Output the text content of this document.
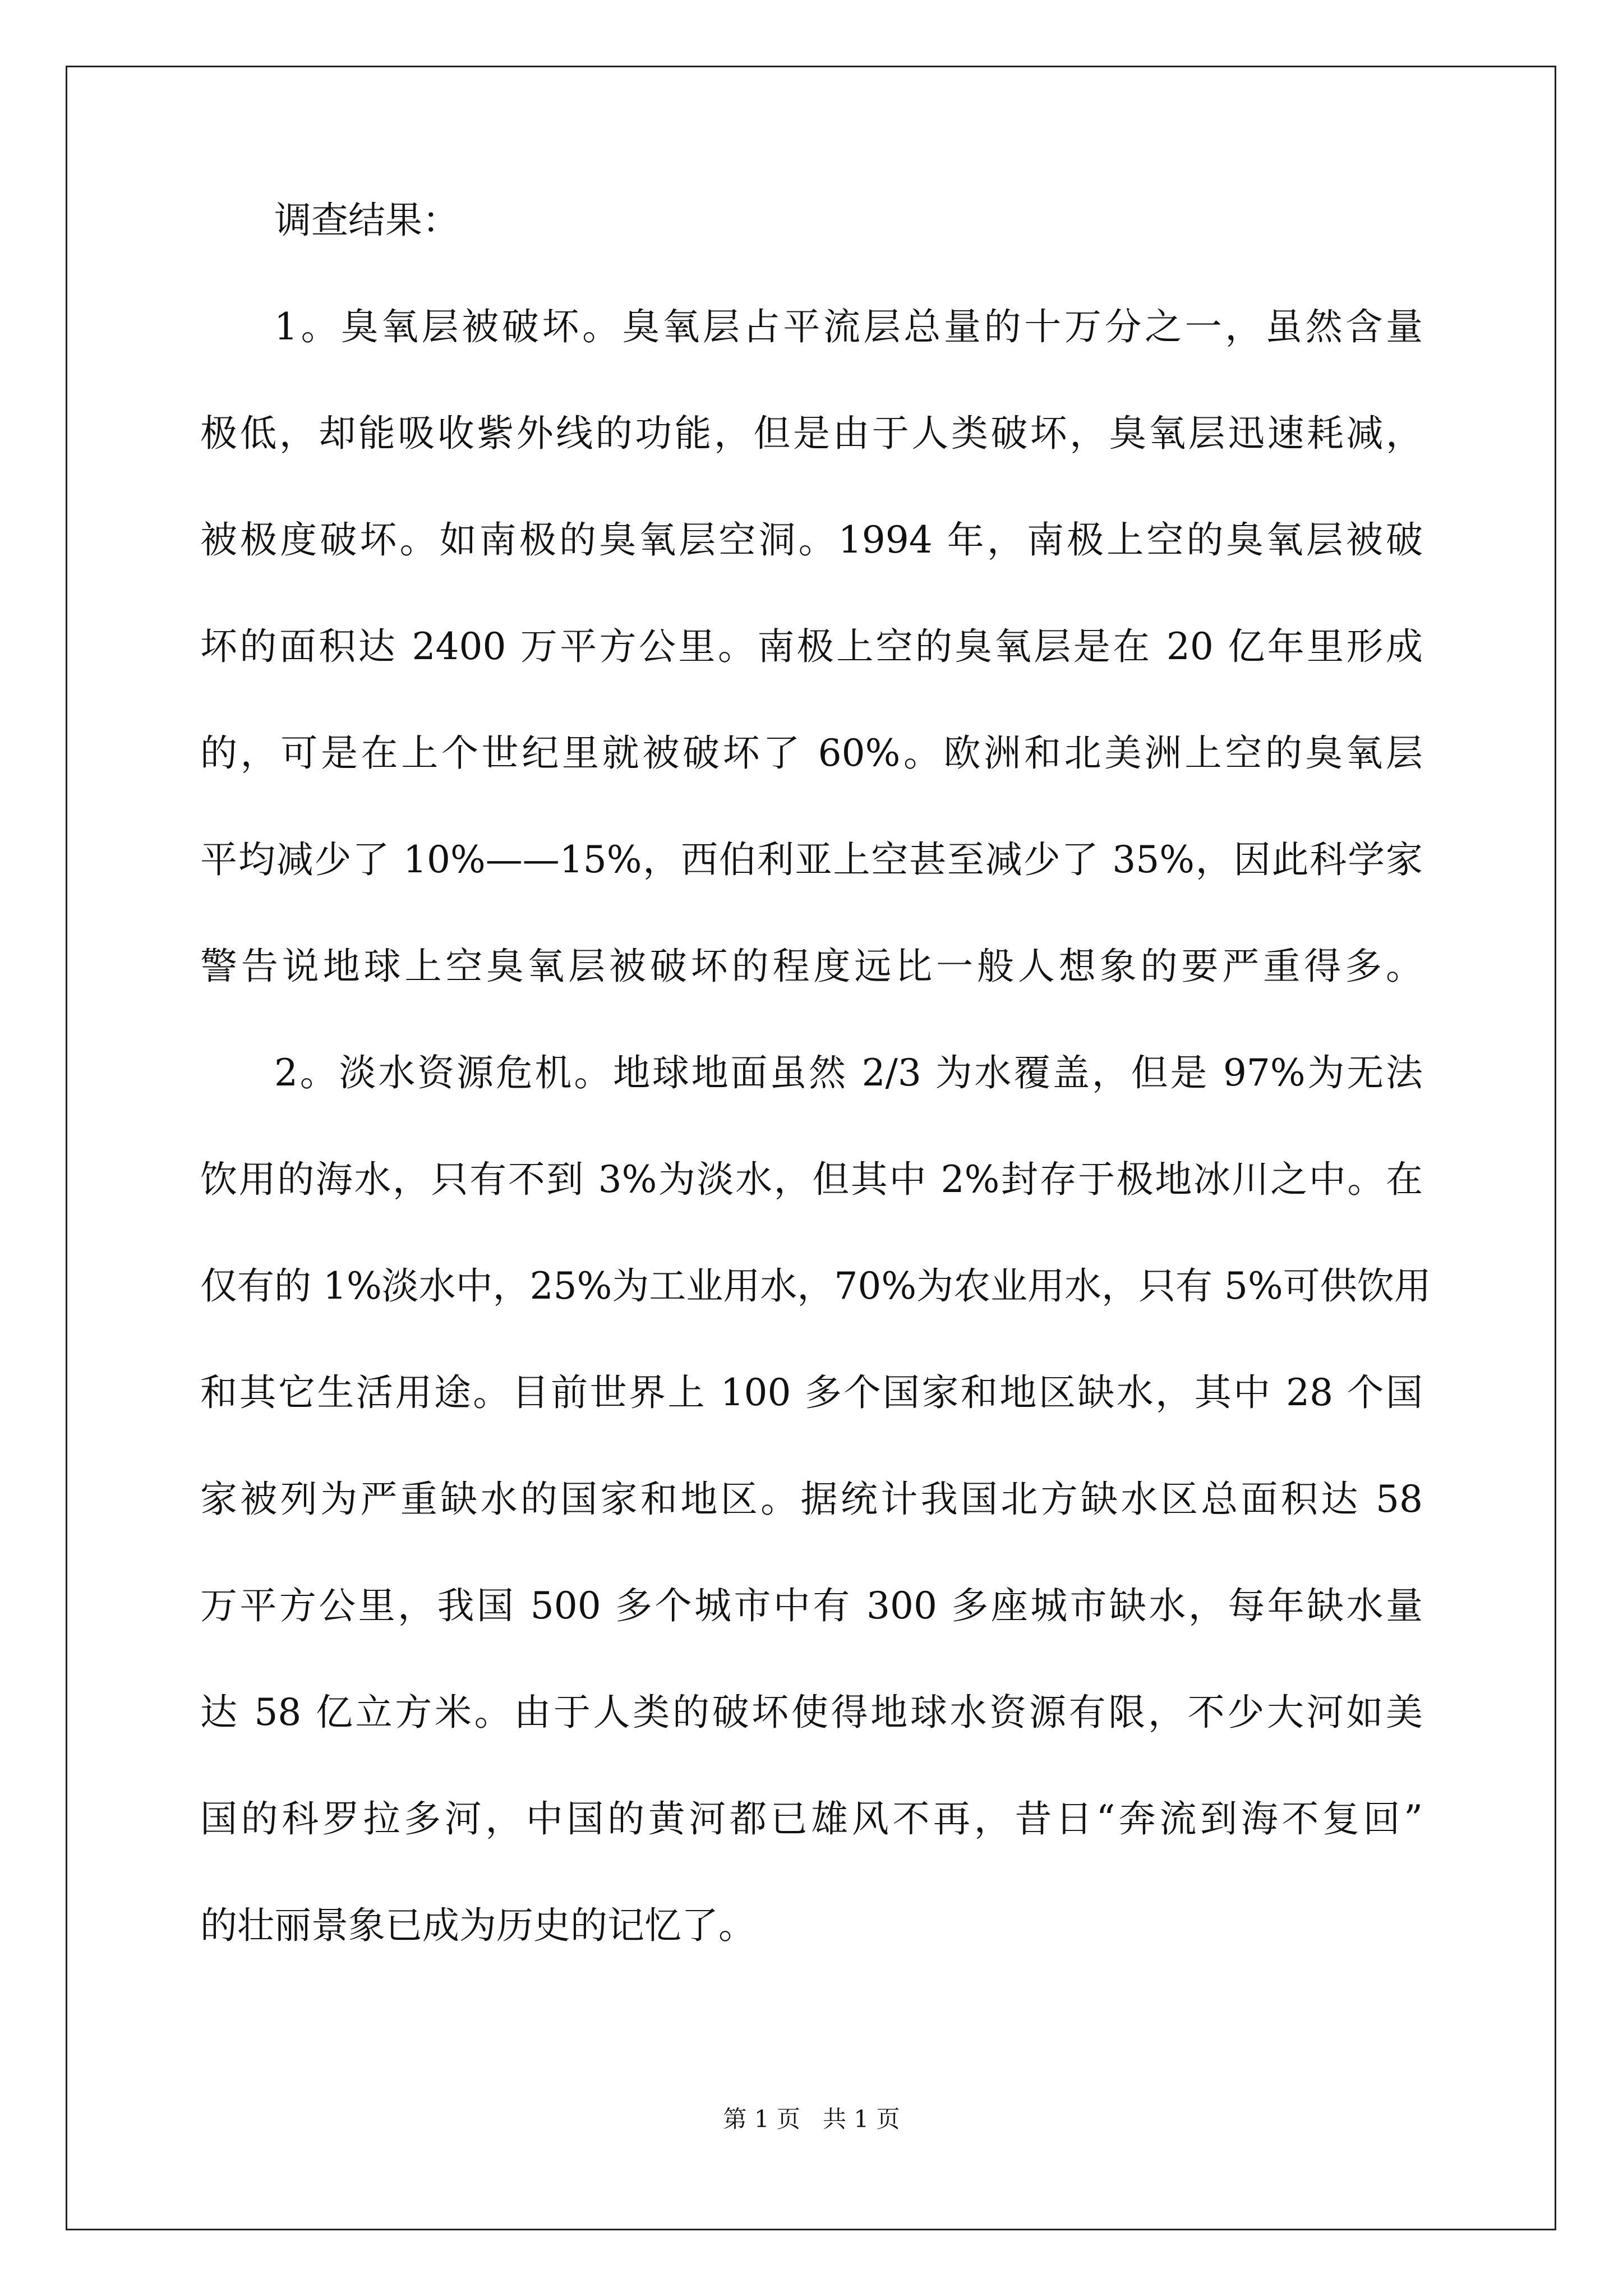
调查结果：

1。臭氧层被破坏。臭氧层占平流层总量的十万分之一，虽然含量

极低，却能吸收紫外线的功能，但是由于人类破坏，臭氧层迅速耗减，

被极度破坏。如南极的臭氧层空洞。1994 年，南极上空的臭氧层被破

坏的面积达 2400 万平方公里。南极上空的臭氧层是在 20 亿年里形成

的，可是在上个世纪里就被破坏了 60%。欧洲和北美洲上空的臭氧层

平均减少了 10%——15%，西伯利亚上空甚至减少了 35%，因此科学家

警告说地球上空臭氧层被破坏的程度远比一般人想象的要严重得多。

2。淡水资源危机。地球地面虽然 2/3 为水覆盖，但是 97%为无法

饮用的海水，只有不到 3%为淡水，但其中 2%封存于极地冰川之中。在

仅有的 1%淡水中，25%为工业用水，70%为农业用水，只有 5%可供饮用

和其它生活用途。目前世界上 100 多个国家和地区缺水，其中 28 个国

家被列为严重缺水的国家和地区。据统计我国北方缺水区总面积达 58

万平方公里，我国 500 多个城市中有 300 多座城市缺水，每年缺水量

达 58 亿立方米。由于人类的破坏使得地球水资源有限，不少大河如美

国的科罗拉多河，中国的黄河都已雄风不再，昔日“奔流到海不复回”

的壮丽景象已成为历史的记忆了。

第 1 页   共 1 页
